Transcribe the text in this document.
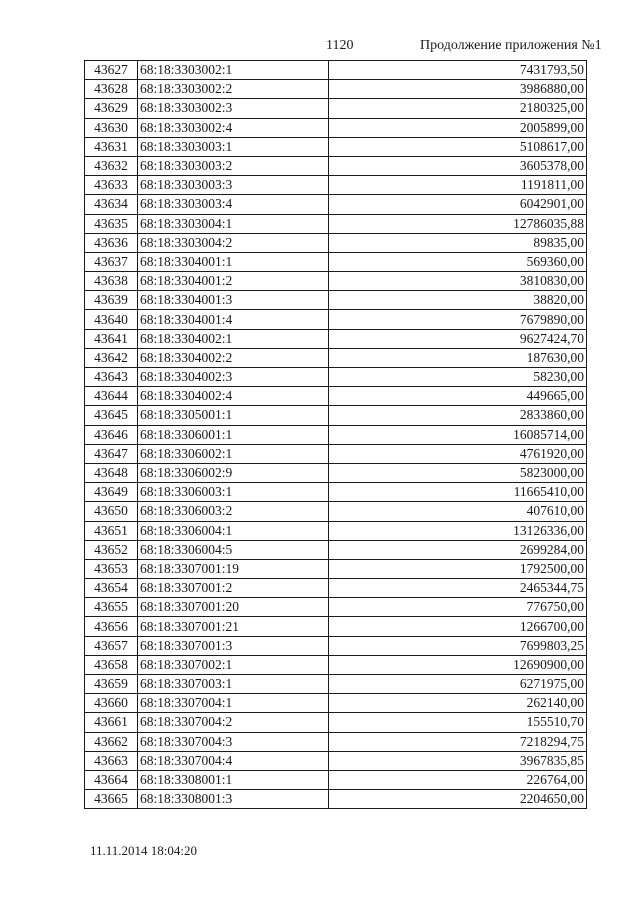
1120	Продолжение приложения №1
43627	68:18:3303002:1	7431793,50
43628	68:18:3303002:2	3986880,00
43629	68:18:3303002:3	2180325,00
43630	68:18:3303002:4	2005899,00
43631	68:18:3303003:1	5108617,00
43632	68:18:3303003:2	3605378,00
43633	68:18:3303003:3	1191811,00
43634	68:18:3303003:4	6042901,00
43635	68:18:3303004:1	12786035,88
43636	68:18:3303004:2	89835,00
43637	68:18:3304001:1	569360,00
43638	68:18:3304001:2	3810830,00
43639	68:18:3304001:3	38820,00
43640	68:18:3304001:4	7679890,00
43641	68:18:3304002:1	9627424,70
43642	68:18:3304002:2	187630,00
43643	68:18:3304002:3	58230,00
43644	68:18:3304002:4	449665,00
43645	68:18:3305001:1	2833860,00
43646	68:18:3306001:1	16085714,00
43647	68:18:3306002:1	4761920,00
43648	68:18:3306002:9	5823000,00
43649	68:18:3306003:1	11665410,00
43650	68:18:3306003:2	407610,00
43651	68:18:3306004:1	13126336,00
43652	68:18:3306004:5	2699284,00
43653	68:18:3307001:19	1792500,00
43654	68:18:3307001:2	2465344,75
43655	68:18:3307001:20	776750,00
43656	68:18:3307001:21	1266700,00
43657	68:18:3307001:3	7699803,25
43658	68:18:3307002:1	12690900,00
43659	68:18:3307003:1	6271975,00
43660	68:18:3307004:1	262140,00
43661	68:18:3307004:2	155510,70
43662	68:18:3307004:3	7218294,75
43663	68:18:3307004:4	3967835,85
43664	68:18:3308001:1	226764,00
43665	68:18:3308001:3	2204650,00
11.11.2014 18:04:20
